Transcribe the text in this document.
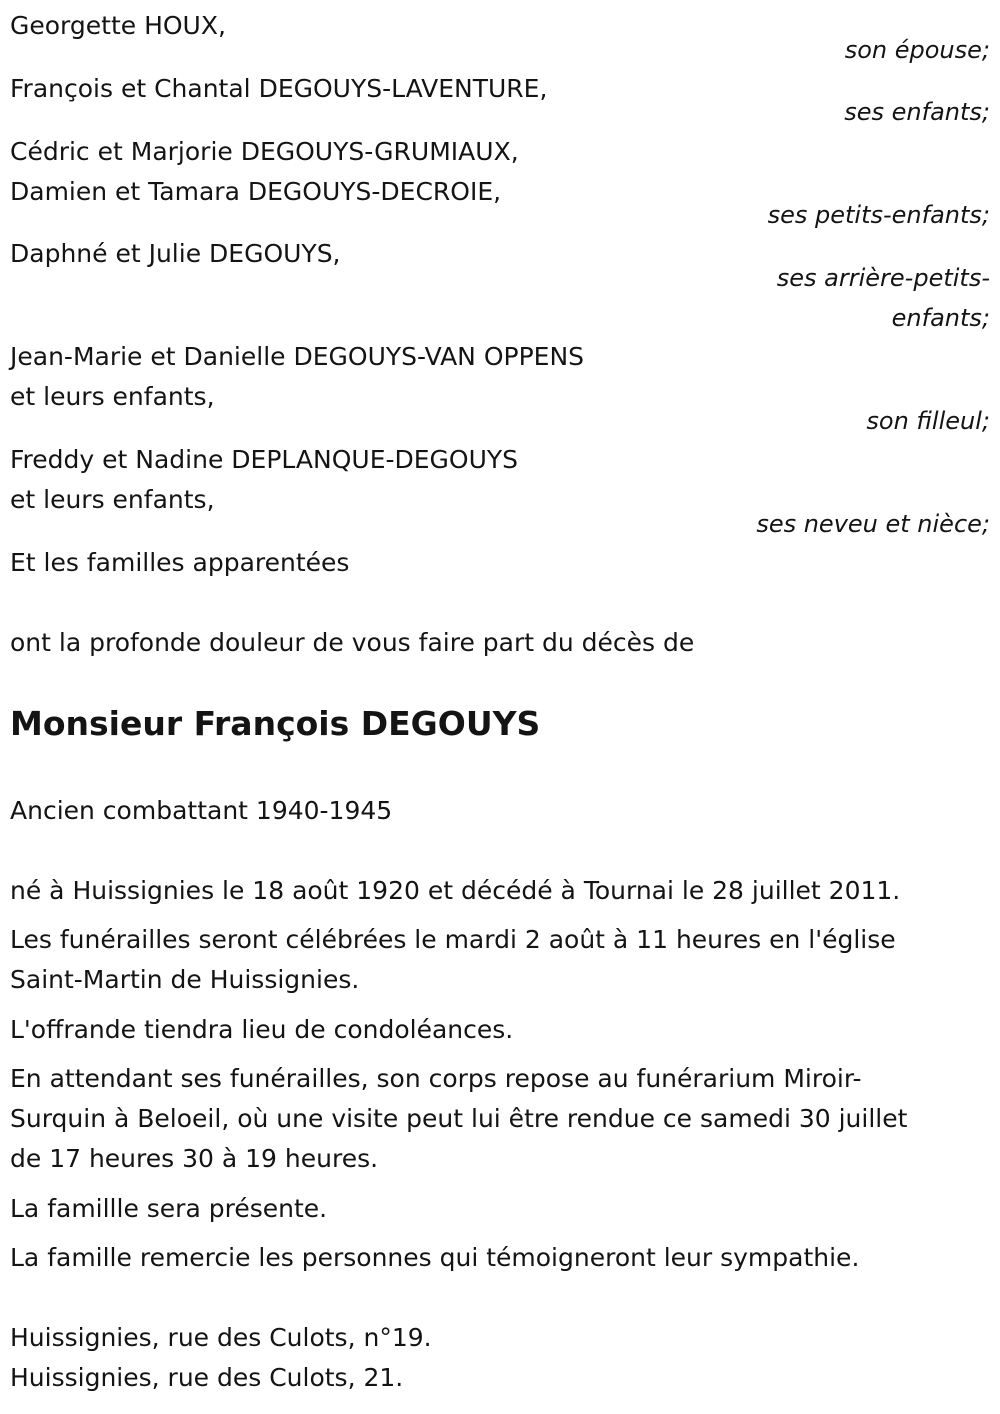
Georgette HOUX,
son épouse;
François et Chantal DEGOUYS-LAVENTURE,
ses enfants;
Cédric et Marjorie DEGOUYS-GRUMIAUX,
Damien et Tamara DEGOUYS-DECROIE,
ses petits-enfants;
Daphné et Julie DEGOUYS,
ses arrière-petits-
enfants;
Jean-Marie et Danielle DEGOUYS-VAN OPPENS
et leurs enfants,
son filleul;
Freddy et Nadine DEPLANQUE-DEGOUYS
et leurs enfants,
ses neveu et nièce;
Et les familles apparentées
ont la profonde douleur de vous faire part du décès de
Monsieur François DEGOUYS
Ancien combattant 1940-1945
né à Huissignies le 18 août 1920 et décédé à Tournai le 28 juillet 2011.
Les funérailles seront célébrées le mardi 2 août à 11 heures en l'église
Saint-Martin de Huissignies.
L'offrande tiendra lieu de condoléances.
En attendant ses funérailles, son corps repose au funérarium Miroir-
Surquin à Beloeil, où une visite peut lui être rendue ce samedi 30 juillet
de 17 heures 30 à 19 heures.
La famillle sera présente.
La famille remercie les personnes qui témoigneront leur sympathie.
Huissignies, rue des Culots, n°19.
Huissignies, rue des Culots, 21.
